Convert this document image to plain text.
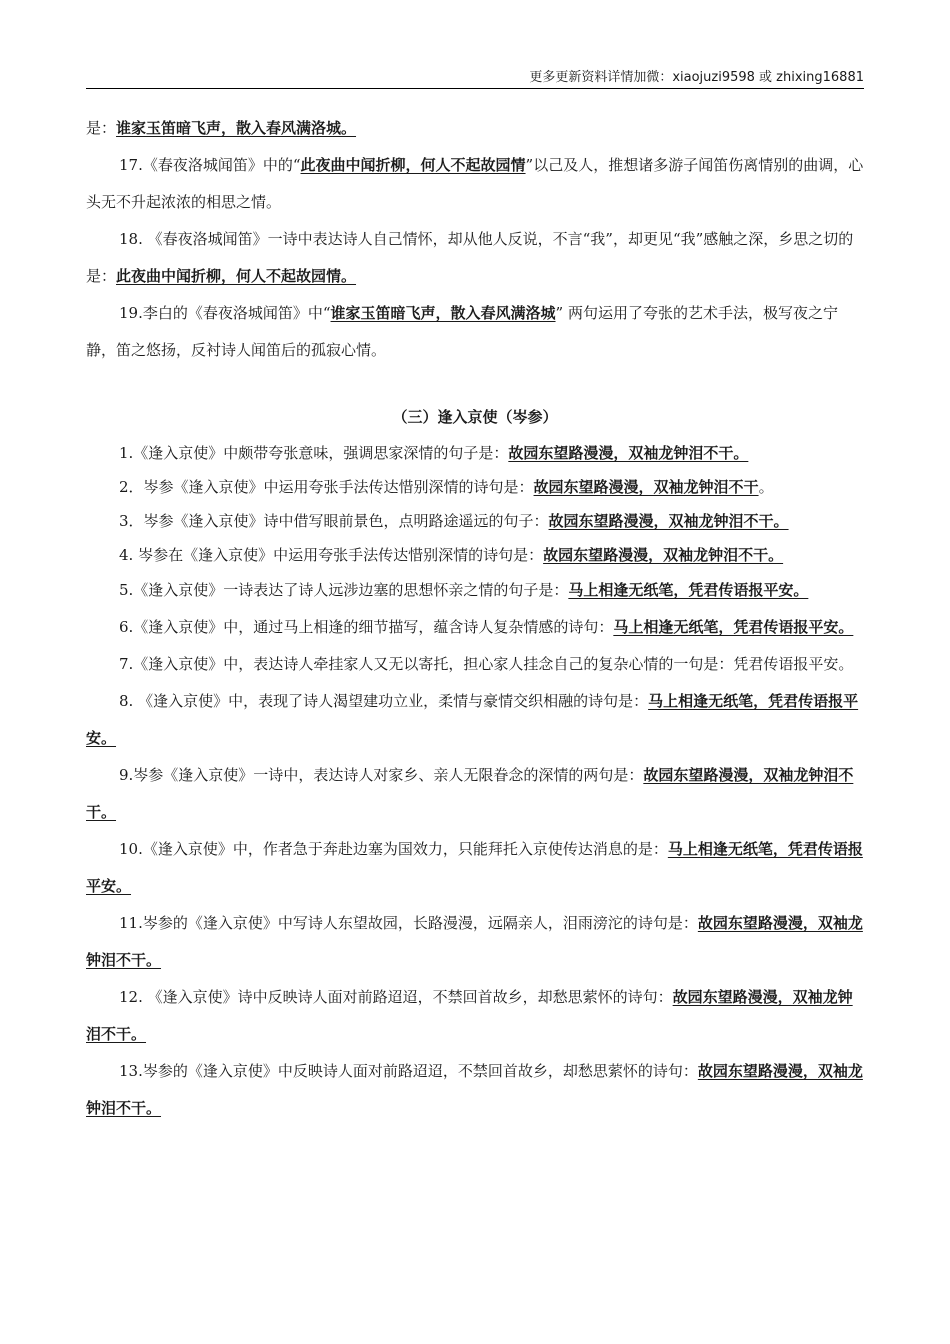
更多更新资料详情加微：xiaojuzi9598 或 zhixing16881

是：谁家玉笛暗飞声，散入春风满洛城。

17.《春夜洛城闻笛》中的“此夜曲中闻折柳，何人不起故园情”以己及人，推想诸多游子闻笛伤离情别的曲调，心头无不升起浓浓的相思之情。

18. 《春夜洛城闻笛》一诗中表达诗人自己情怀，却从他人反说，不言“我”，却更见“我”感触之深，乡思之切的是：此夜曲中闻折柳，何人不起故园情。

19.李白的《春夜洛城闻笛》中“谁家玉笛暗飞声，散入春风满洛城” 两句运用了夸张的艺术手法，极写夜之宁静，笛之悠扬，反衬诗人闻笛后的孤寂心情。

（三）逢入京使（岑参）

1.《逢入京使》中颇带夸张意味，强调思家深情的句子是：故园东望路漫漫，双袖龙钟泪不干。

2．岑参《逢入京使》中运用夸张手法传达惜别深情的诗句是：故园东望路漫漫，双袖龙钟泪不干。

3．岑参《逢入京使》诗中借写眼前景色，点明路途遥远的句子：故园东望路漫漫，双袖龙钟泪不干。

4. 岑参在《逢入京使》中运用夸张手法传达惜别深情的诗句是：故园东望路漫漫，双袖龙钟泪不干。

5.《逢入京使》一诗表达了诗人远涉边塞的思想怀亲之情的句子是：马上相逢无纸笔，凭君传语报平安。

6.《逢入京使》中，通过马上相逢的细节描写，蕴含诗人复杂情感的诗句：马上相逢无纸笔，凭君传语报平安。

7.《逢入京使》中，表达诗人牵挂家人又无以寄托，担心家人挂念自己的复杂心情的一句是：凭君传语报平安。

8. 《逢入京使》中，表现了诗人渴望建功立业，柔情与豪情交织相融的诗句是：马上相逢无纸笔，凭君传语报平安。

9.岑参《逢入京使》一诗中，表达诗人对家乡、亲人无限眷念的深情的两句是：故园东望路漫漫，双袖龙钟泪不干。

10.《逢入京使》中，作者急于奔赴边塞为国效力，只能拜托入京使传达消息的是：马上相逢无纸笔，凭君传语报平安。

11.岑参的《逢入京使》中写诗人东望故园，长路漫漫，远隔亲人，泪雨滂沱的诗句是：故园东望路漫漫，双袖龙钟泪不干。

12. 《逢入京使》诗中反映诗人面对前路迢迢，不禁回首故乡，却愁思萦怀的诗句：故园东望路漫漫，双袖龙钟泪不干。

13.岑参的《逢入京使》中反映诗人面对前路迢迢，不禁回首故乡，却愁思萦怀的诗句：故园东望路漫漫，双袖龙钟泪不干。
